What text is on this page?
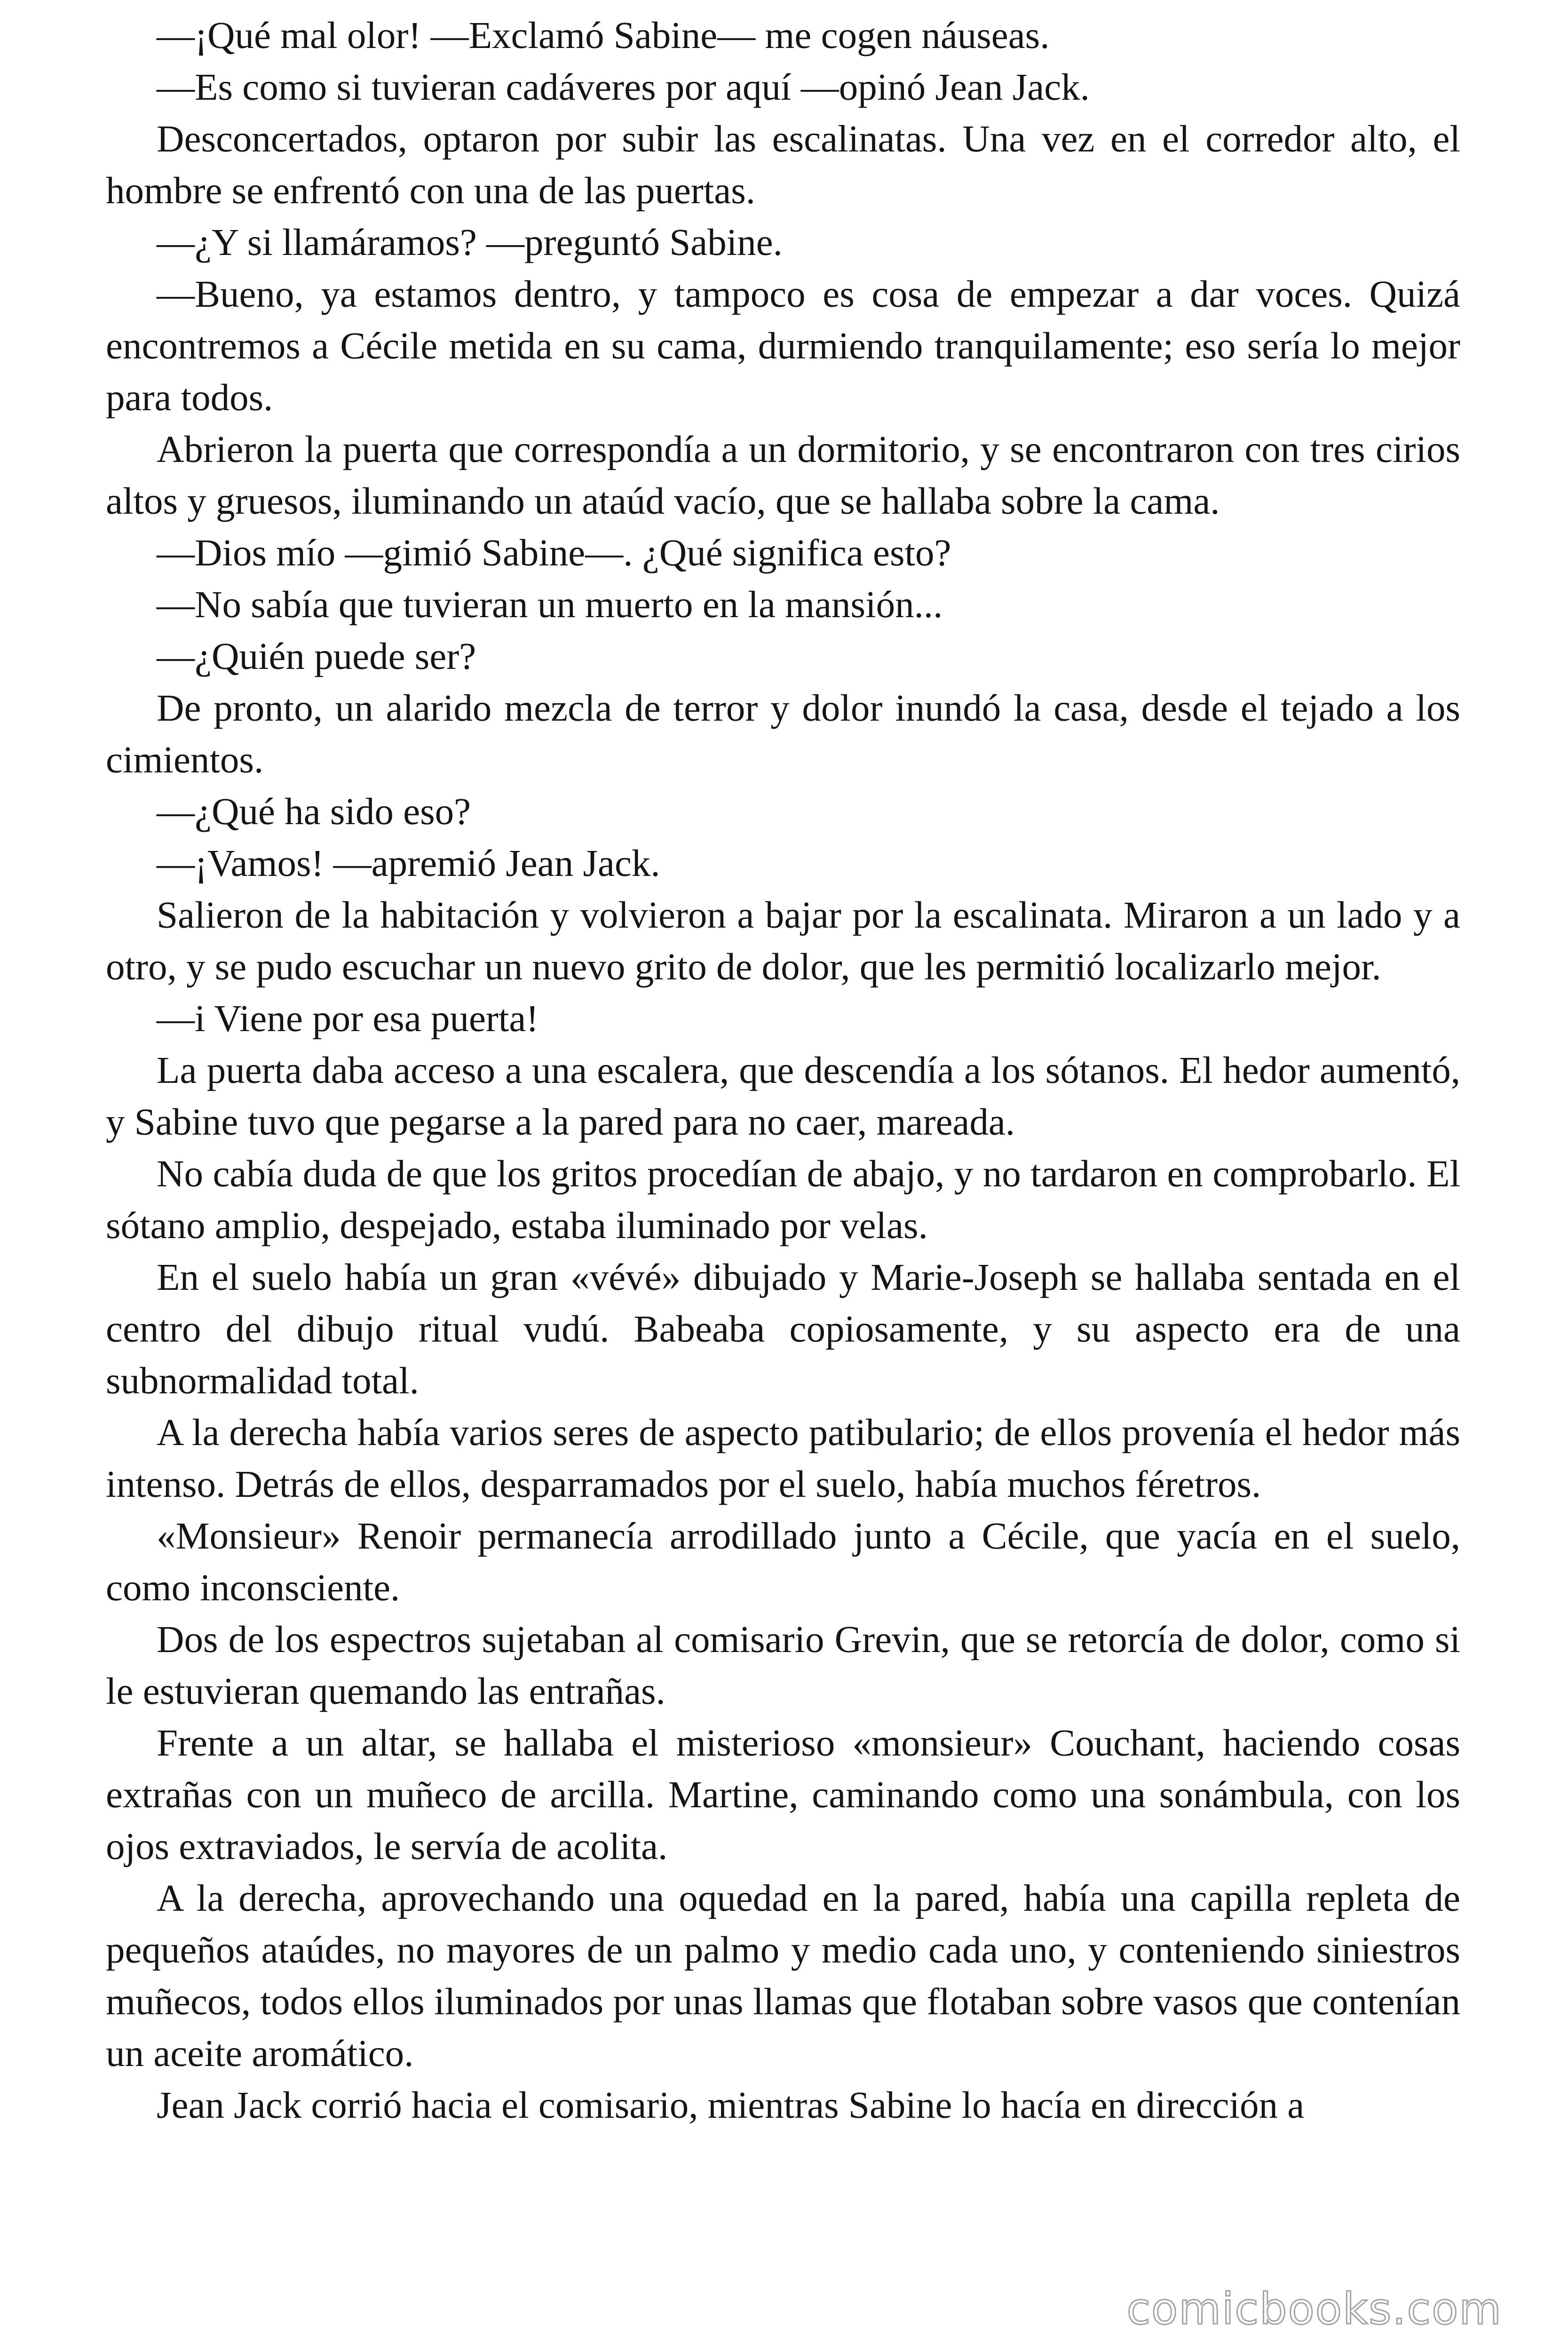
—¡Qué mal olor! —Exclamó Sabine— me cogen náuseas.

—Es como si tuvieran cadáveres por aquí —opinó Jean Jack.

Desconcertados, optaron por subir las escalinatas. Una vez en el corredor alto, el hombre se enfrentó con una de las puertas.

—¿Y si llamáramos? —preguntó Sabine.

—Bueno, ya estamos dentro, y tampoco es cosa de empezar a dar voces. Quizá encontremos a Cécile metida en su cama, durmiendo tranquilamente; eso sería lo mejor para todos.

Abrieron la puerta que correspondía a un dormitorio, y se encontraron con tres cirios altos y gruesos, iluminando un ataúd vacío, que se hallaba sobre la cama.

—Dios mío —gimió Sabine—. ¿Qué significa esto?

—No sabía que tuvieran un muerto en la mansión...

—¿Quién puede ser?

De pronto, un alarido mezcla de terror y dolor inundó la casa, desde el tejado a los cimientos.

—¿Qué ha sido eso?

—¡Vamos! —apremió Jean Jack.

Salieron de la habitación y volvieron a bajar por la escalinata. Miraron a un lado y a otro, y se pudo escuchar un nuevo grito de dolor, que les permitió localizarlo mejor.

—i Viene por esa puerta!

La puerta daba acceso a una escalera, que descendía a los sótanos. El hedor aumentó, y Sabine tuvo que pegarse a la pared para no caer, mareada.

No cabía duda de que los gritos procedían de abajo, y no tardaron en comprobarlo. El sótano amplio, despejado, estaba iluminado por velas.

En el suelo había un gran «vévé» dibujado y Marie-Joseph se hallaba sentada en el centro del dibujo ritual vudú. Babeaba copiosamente, y su aspecto era de una subnormalidad total.

A la derecha había varios seres de aspecto patibulario; de ellos provenía el hedor más intenso. Detrás de ellos, desparramados por el suelo, había muchos féretros.

«Monsieur» Renoir permanecía arrodillado junto a Cécile, que yacía en el suelo, como inconsciente.

Dos de los espectros sujetaban al comisario Grevin, que se retorcía de dolor, como si le estuvieran quemando las entrañas.

Frente a un altar, se hallaba el misterioso «monsieur» Couchant, haciendo cosas extrañas con un muñeco de arcilla. Martine, caminando como una sonámbula, con los ojos extraviados, le servía de acolita.

A la derecha, aprovechando una oquedad en la pared, había una capilla repleta de pequeños ataúdes, no mayores de un palmo y medio cada uno, y conteniendo siniestros muñecos, todos ellos iluminados por unas llamas que flotaban sobre vasos que contenían un aceite aromático.

Jean Jack corrió hacia el comisario, mientras Sabine lo hacía en dirección a

comicbooks.com
